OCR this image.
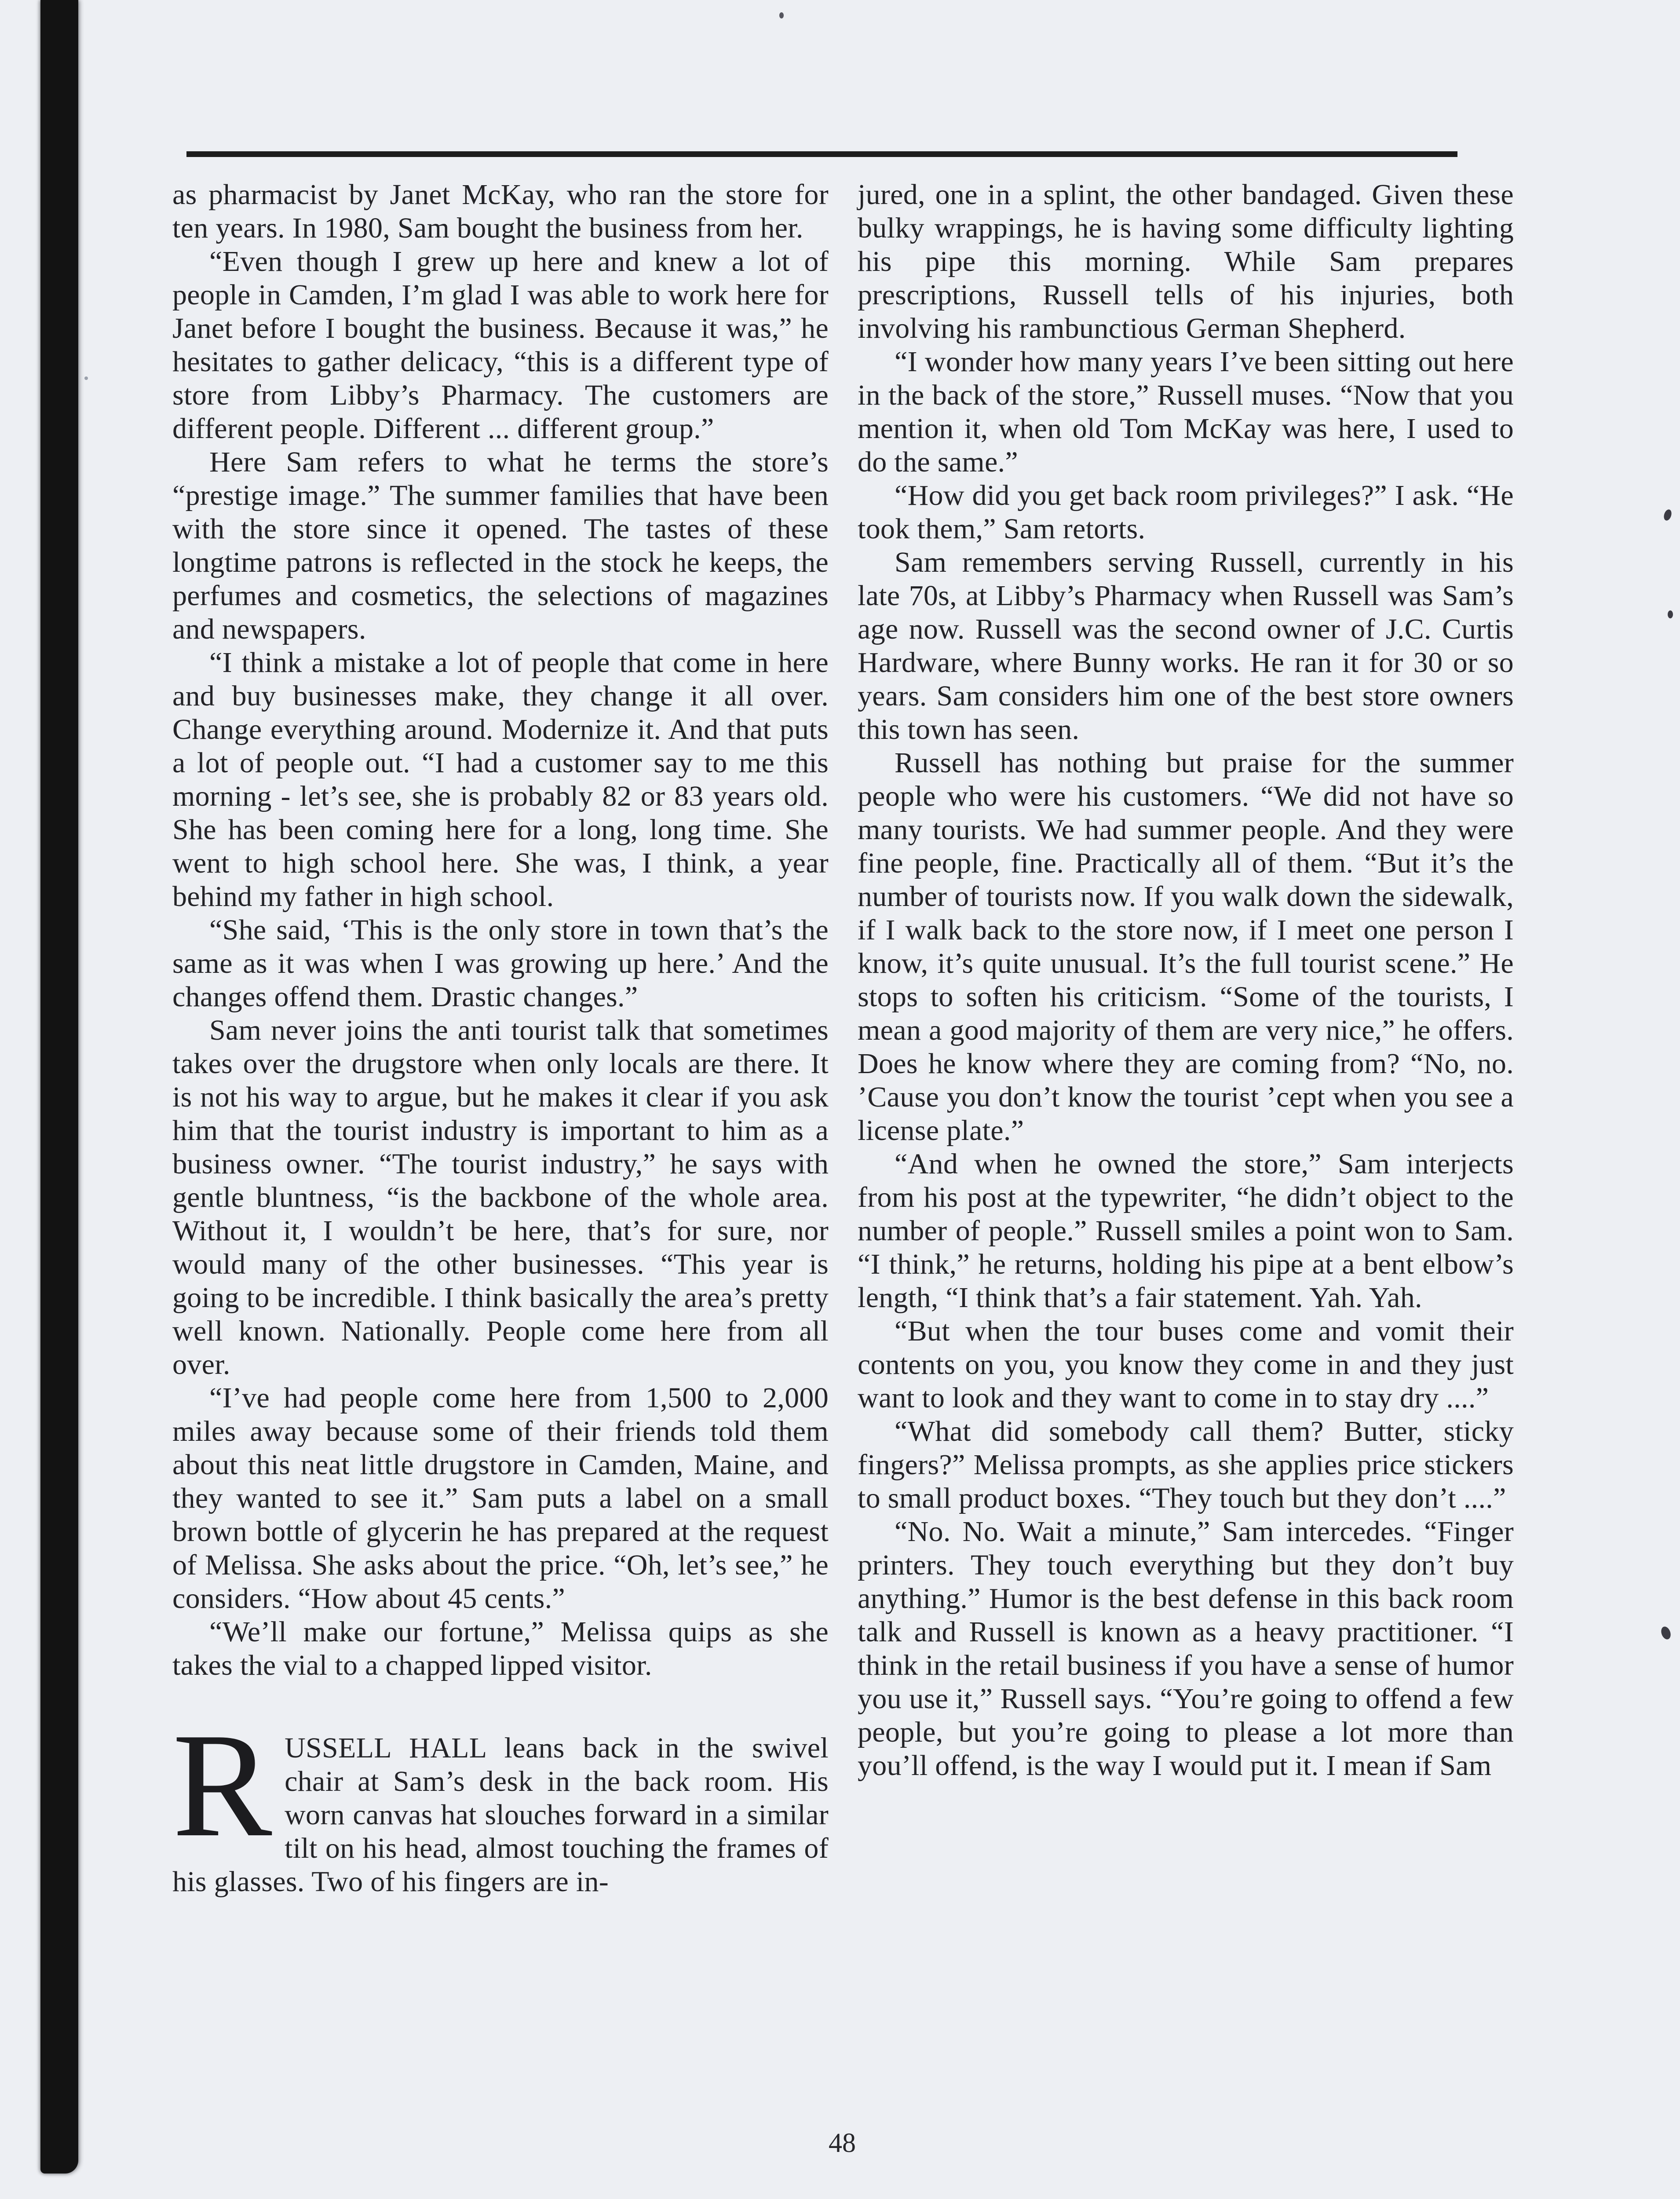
as pharmacist by Janet McKay, who ran the store for ten years. In 1980, Sam bought the business from her.

“Even though I grew up here and knew a lot of people in Camden, I’m glad I was able to work here for Janet before I bought the business. Because it was,” he hesitates to gather delicacy, “this is a different type of store from Libby’s Pharmacy. The customers are different people. Different ... different group.”

Here Sam refers to what he terms the store’s “prestige image.” The summer families that have been with the store since it opened. The tastes of these longtime patrons is reflected in the stock he keeps, the perfumes and cosmetics, the selections of magazines and newspapers.

“I think a mistake a lot of people that come in here and buy businesses make, they change it all over. Change everything around. Modernize it. And that puts a lot of people out. “I had a customer say to me this morning - let’s see, she is probably 82 or 83 years old. She has been coming here for a long, long time. She went to high school here. She was, I think, a year behind my father in high school.

“She said, ‘This is the only store in town that’s the same as it was when I was growing up here.’ And the changes offend them. Drastic changes.”

Sam never joins the anti tourist talk that sometimes takes over the drugstore when only locals are there. It is not his way to argue, but he makes it clear if you ask him that the tourist industry is important to him as a business owner. “The tourist industry,” he says with gentle bluntness, “is the backbone of the whole area. Without it, I wouldn’t be here, that’s for sure, nor would many of the other businesses. “This year is going to be incredible. I think basically the area’s pretty well known. Nationally. People come here from all over.

“I’ve had people come here from 1,500 to 2,000 miles away because some of their friends told them about this neat little drugstore in Camden, Maine, and they wanted to see it.” Sam puts a label on a small brown bottle of glycerin he has prepared at the request of Melissa. She asks about the price. “Oh, let’s see,” he considers. “How about 45 cents.”

“We’ll make our fortune,” Melissa quips as she takes the vial to a chapped lipped visitor.

RUSSELL HALL leans back in the swivel chair at Sam’s desk in the back room. His worn canvas hat slouches forward in a similar tilt on his head, almost touching the frames of his glasses. Two of his fingers are in-

jured, one in a splint, the other bandaged. Given these bulky wrappings, he is having some difficulty lighting his pipe this morning. While Sam prepares prescriptions, Russell tells of his injuries, both involving his rambunctious German Shepherd.

“I wonder how many years I’ve been sitting out here in the back of the store,” Russell muses. “Now that you mention it, when old Tom McKay was here, I used to do the same.”

“How did you get back room privileges?” I ask. “He took them,” Sam retorts.

Sam remembers serving Russell, currently in his late 70s, at Libby’s Pharmacy when Russell was Sam’s age now. Russell was the second owner of J.C. Curtis Hardware, where Bunny works. He ran it for 30 or so years. Sam considers him one of the best store owners this town has seen.

Russell has nothing but praise for the summer people who were his customers. “We did not have so many tourists. We had summer people. And they were fine people, fine. Practically all of them. “But it’s the number of tourists now. If you walk down the sidewalk, if I walk back to the store now, if I meet one person I know, it’s quite unusual. It’s the full tourist scene.” He stops to soften his criticism. “Some of the tourists, I mean a good majority of them are very nice,” he offers. Does he know where they are coming from? “No, no. ’Cause you don’t know the tourist ’cept when you see a license plate.”

“And when he owned the store,” Sam interjects from his post at the typewriter, “he didn’t object to the number of people.” Russell smiles a point won to Sam. “I think,” he returns, holding his pipe at a bent elbow’s length, “I think that’s a fair statement. Yah. Yah.

“But when the tour buses come and vomit their contents on you, you know they come in and they just want to look and they want to come in to stay dry ....”

“What did somebody call them? Butter, sticky fingers?” Melissa prompts, as she applies price stickers to small product boxes. “They touch but they don’t ....”

“No. No. Wait a minute,” Sam intercedes. “Finger printers. They touch everything but they don’t buy anything.” Humor is the best defense in this back room talk and Russell is known as a heavy practitioner. “I think in the retail business if you have a sense of humor you use it,” Russell says. “You’re going to offend a few people, but you’re going to please a lot more than you’ll offend, is the way I would put it. I mean if Sam

48
